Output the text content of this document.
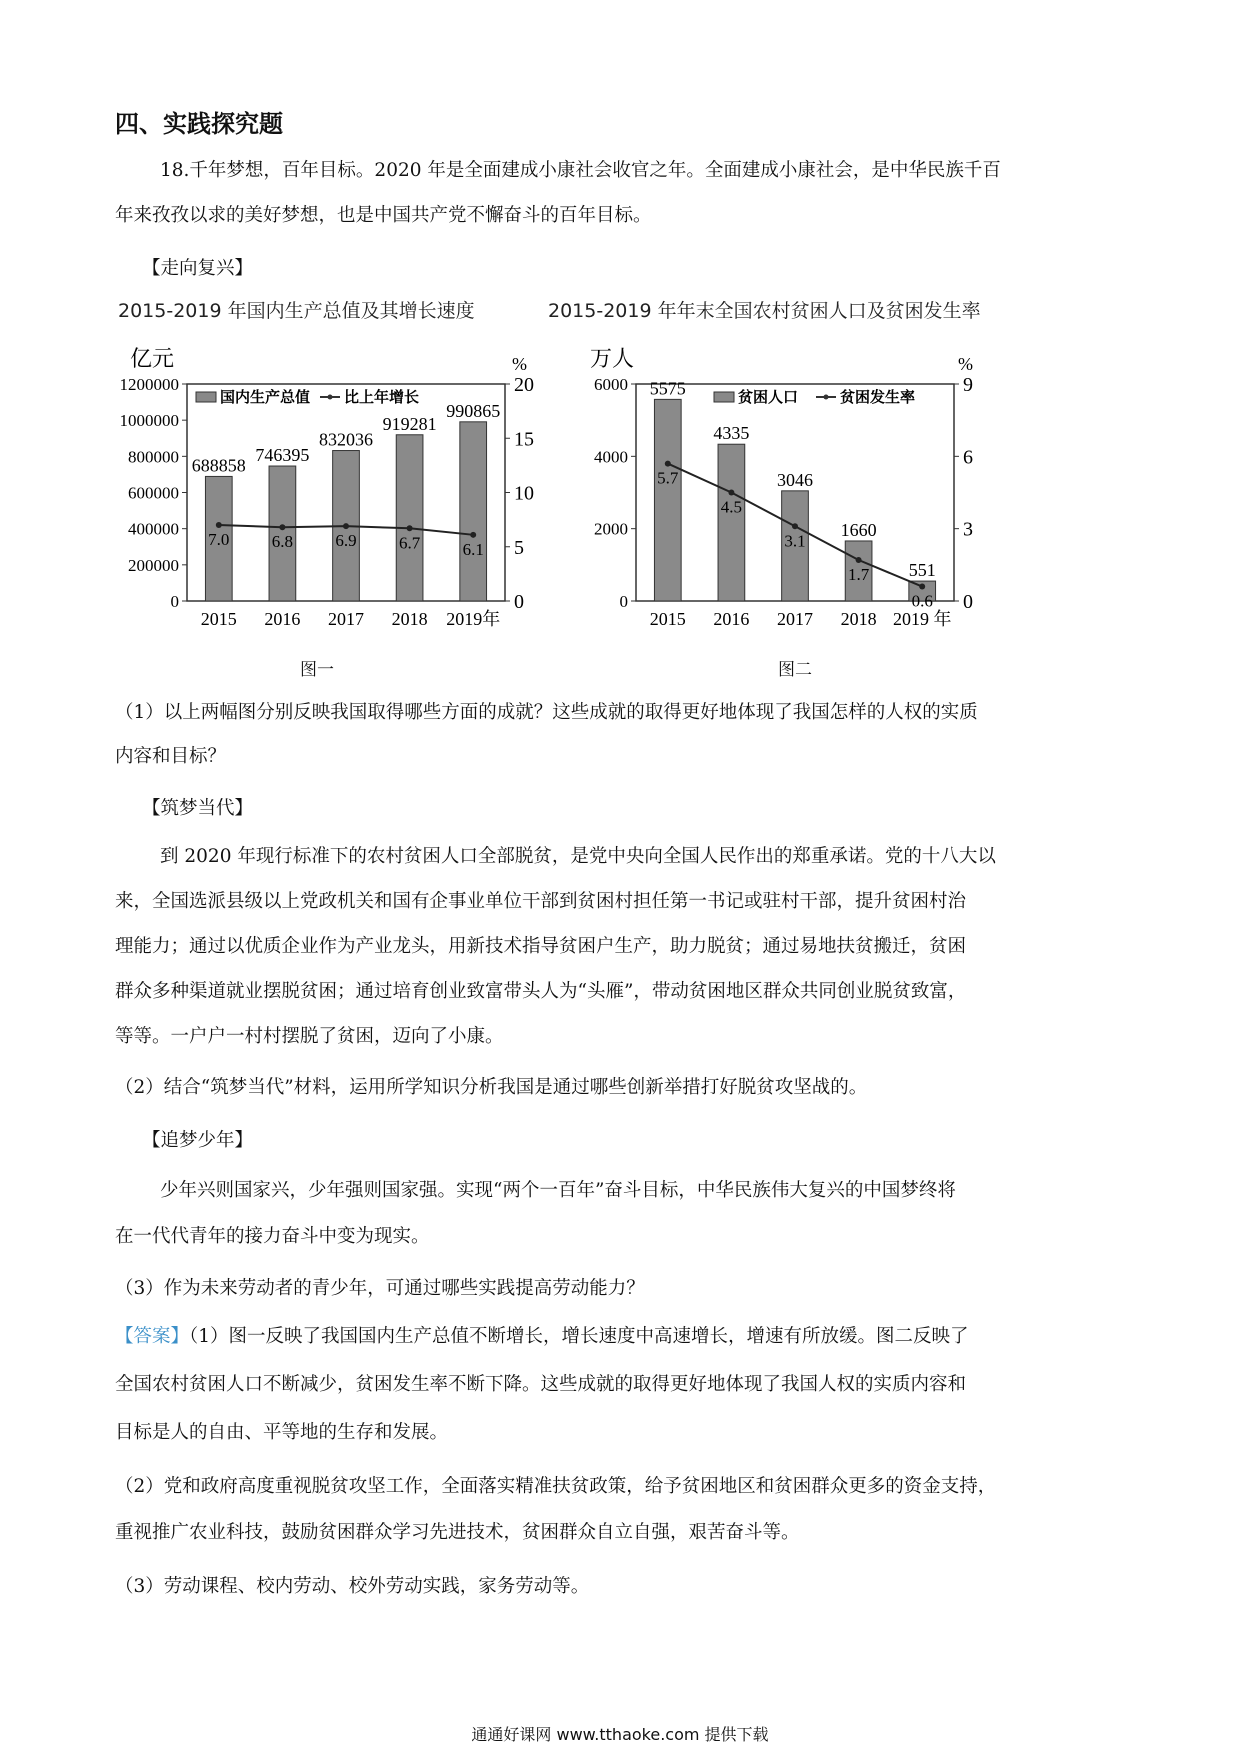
四、实践探究题
18.千年梦想，百年目标。2020 年是全面建成小康社会收官之年。全面建成小康社会，是中华民族千百
年来孜孜以求的美好梦想，也是中国共产党不懈奋斗的百年目标。
【走向复兴】
2015-2019 年国内生产总值及其增长速度	2015-2019 年年末全国农村贫困人口及贫困发生率
亿元	%
0
200000
400000
600000
800000
1000000
1200000
0
5
10
15
20
688858
746395
832036
919281
990865
7.0 6.8 6.9 6.7 6.1
2015 2016 2017 2018 2019年
国内生产总值 比上年增长
图一
万人	%
0
2000
4000
6000
0
3
6
9
5575
4335
3046
1660
551
5.7
4.5
3.1
1.7
0.6
2015 2016 2017 2018 2019 年
贫困人口	贫困发生率
图二
（1）以上两幅图分别反映我国取得哪些方面的成就？这些成就的取得更好地体现了我国怎样的人权的实质
内容和目标？
【筑梦当代】
到 2020 年现行标准下的农村贫困人口全部脱贫，是党中央向全国人民作出的郑重承诺。党的十八大以
来，全国选派县级以上党政机关和国有企事业单位干部到贫困村担任第一书记或驻村干部，提升贫困村治
理能力；通过以优质企业作为产业龙头，用新技术指导贫困户生产，助力脱贫；通过易地扶贫搬迁，贫困
群众多种渠道就业摆脱贫困；通过培育创业致富带头人为“头雁”，带动贫困地区群众共同创业脱贫致富，
等等。一户户一村村摆脱了贫困，迈向了小康。
（2）结合“筑梦当代”材料，运用所学知识分析我国是通过哪些创新举措打好脱贫攻坚战的。
【追梦少年】
少年兴则国家兴，少年强则国家强。实现“两个一百年”奋斗目标，中华民族伟大复兴的中国梦终将
在一代代青年的接力奋斗中变为现实。
（3）作为未来劳动者的青少年，可通过哪些实践提高劳动能力？
【答案】（1）图一反映了我国国内生产总值不断增长，增长速度中高速增长，增速有所放缓。图二反映了
全国农村贫困人口不断减少，贫困发生率不断下降。这些成就的取得更好地体现了我国人权的实质内容和
目标是人的自由、平等地的生存和发展。
（2）党和政府高度重视脱贫攻坚工作，全面落实精准扶贫政策，给予贫困地区和贫困群众更多的资金支持，
重视推广农业科技，鼓励贫困群众学习先进技术，贫困群众自立自强，艰苦奋斗等。
（3）劳动课程、校内劳动、校外劳动实践，家务劳动等。
通通好课网 www.tthaoke.com 提供下载
